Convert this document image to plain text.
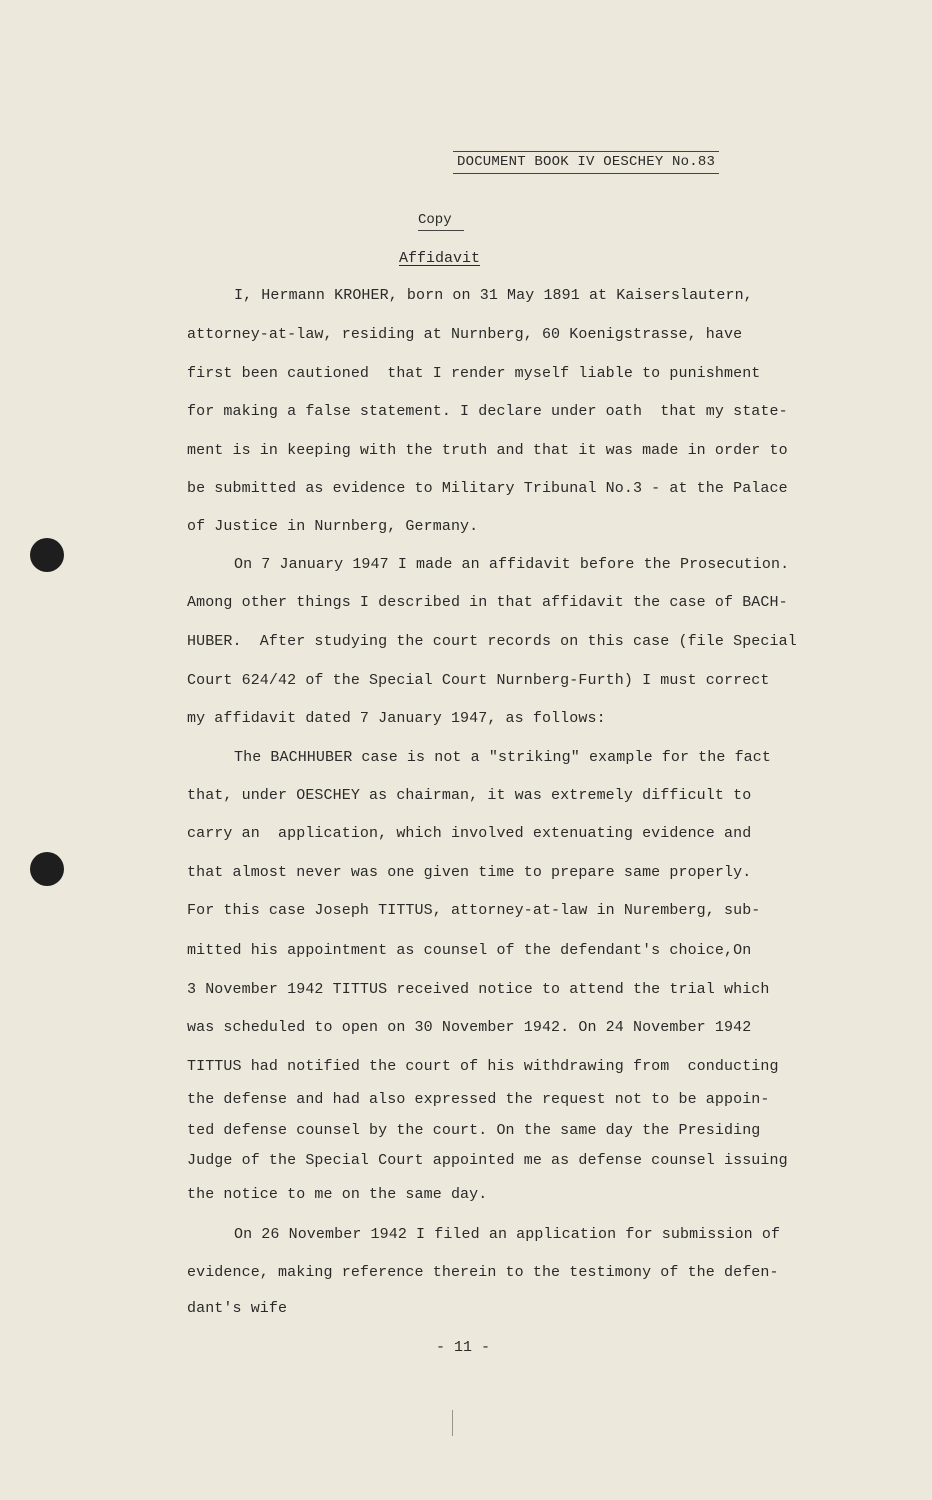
DOCUMENT BOOK IV OESCHEY No.83
Copy
Affidavit
I, Hermann KROHER, born on 31 May 1891 at Kaiserslautern,
attorney-at-law, residing at Nurnberg, 60 Koenigstrasse, have
first been cautioned  that I render myself liable to punishment
for making a false statement. I declare under oath  that my state-
ment is in keeping with the truth and that it was made in order to
be submitted as evidence to Military Tribunal No.3 - at the Palace
of Justice in Nurnberg, Germany.
On 7 January 1947 I made an affidavit before the Prosecution.
Among other things I described in that affidavit the case of BACH-
HUBER.  After studying the court records on this case (file Special
Court 624/42 of the Special Court Nurnberg-Furth) I must correct
my affidavit dated 7 January 1947, as follows:
The BACHHUBER case is not a "striking" example for the fact
that, under OESCHEY as chairman, it was extremely difficult to
carry an  application, which involved extenuating evidence and
that almost never was one given time to prepare same properly.
For this case Joseph TITTUS, attorney-at-law in Nuremberg, sub-
mitted his appointment as counsel of the defendant's choice,On
3 November 1942 TITTUS received notice to attend the trial which
was scheduled to open on 30 November 1942. On 24 November 1942
TITTUS had notified the court of his withdrawing from  conducting
the defense and had also expressed the request not to be appoin-
ted defense counsel by the court. On the same day the Presiding
Judge of the Special Court appointed me as defense counsel issuing
the notice to me on the same day.
On 26 November 1942 I filed an application for submission of
evidence, making reference therein to the testimony of the defen-
dant's wife
- 11 -
